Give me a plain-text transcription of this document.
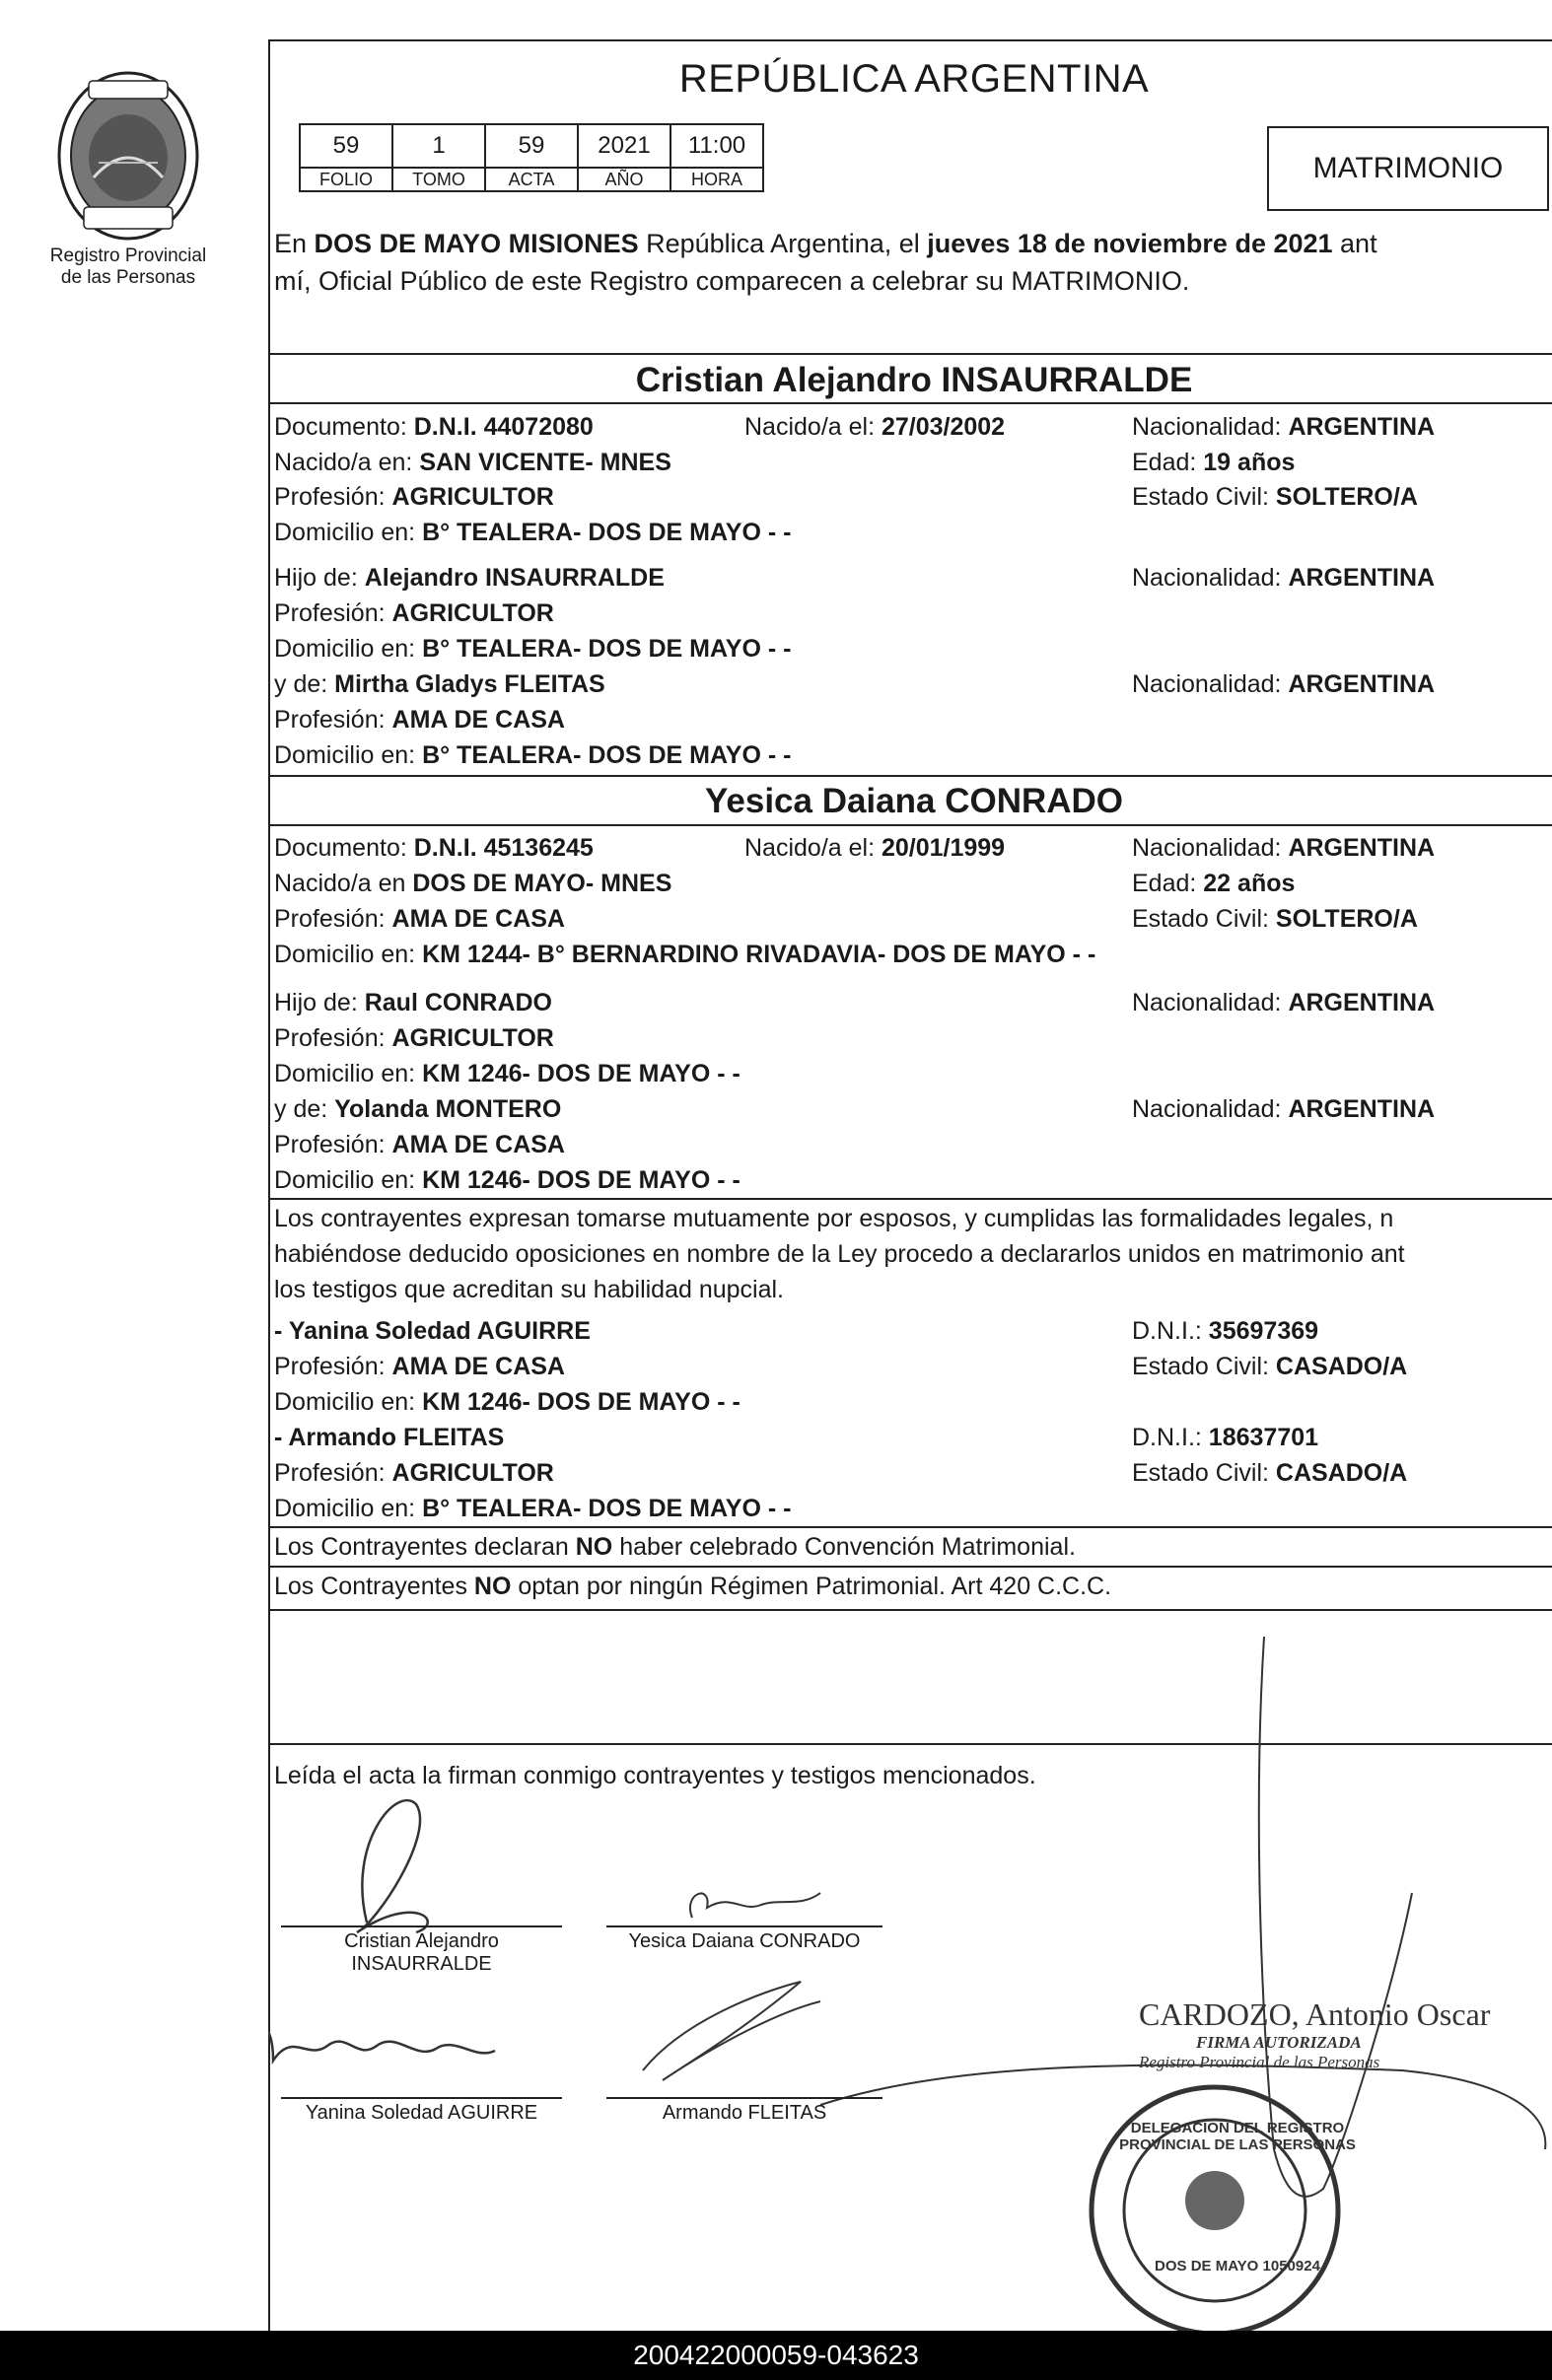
Registro Provincial
de las Personas
REPÚBLICA ARGENTINA
59	1	59	2021	11:00
FOLIO	TOMO	ACTA	AÑO	HORA	MATRIMONIO
En DOS DE MAYO MISIONES República Argentina, el jueves 18 de noviembre de 2021 ant
mí, Oficial Público de este Registro comparecen a celebrar su MATRIMONIO.
Cristian Alejandro INSAURRALDE
Documento: D.N.I. 44072080	Nacido/a el: 27/03/2002	Nacionalidad: ARGENTINA
Nacido/a en: SAN VICENTE- MNES	Edad: 19 años
Profesión: AGRICULTOR	Estado Civil: SOLTERO/A
Domicilio en: B° TEALERA- DOS DE MAYO - -
Hijo de: Alejandro INSAURRALDE	Nacionalidad: ARGENTINA
Profesión: AGRICULTOR
Domicilio en: B° TEALERA- DOS DE MAYO - -
y de: Mirtha Gladys FLEITAS	Nacionalidad: ARGENTINA
Profesión: AMA DE CASA
Domicilio en: B° TEALERA- DOS DE MAYO - -
Yesica Daiana CONRADO
Documento: D.N.I. 45136245	Nacido/a el: 20/01/1999	Nacionalidad: ARGENTINA
Nacido/a en DOS DE MAYO- MNES	Edad: 22 años
Profesión: AMA DE CASA	Estado Civil: SOLTERO/A
Domicilio en: KM 1244- B° BERNARDINO RIVADAVIA- DOS DE MAYO - -
Hijo de: Raul CONRADO	Nacionalidad: ARGENTINA
Profesión: AGRICULTOR
Domicilio en: KM 1246- DOS DE MAYO - -
y de: Yolanda MONTERO	Nacionalidad: ARGENTINA
Profesión: AMA DE CASA
Domicilio en: KM 1246- DOS DE MAYO - -
Los contrayentes expresan tomarse mutuamente por esposos, y cumplidas las formalidades legales, n
habiéndose deducido oposiciones en nombre de la Ley procedo a declararlos unidos en matrimonio ant
los testigos que acreditan su habilidad nupcial.
- Yanina Soledad AGUIRRE	D.N.I.: 35697369
Profesión: AMA DE CASA	Estado Civil: CASADO/A
Domicilio en: KM 1246- DOS DE MAYO - -
- Armando FLEITAS	D.N.I.: 18637701
Profesión: AGRICULTOR	Estado Civil: CASADO/A
Domicilio en: B° TEALERA- DOS DE MAYO - -
Los Contrayentes declaran NO haber celebrado Convención Matrimonial.
Los Contrayentes NO optan por ningún Régimen Patrimonial. Art 420 C.C.C.
Leída el acta la firman conmigo contrayentes y testigos mencionados.
Cristian Alejandro
INSAURRALDE
Yesica Daiana CONRADO
Yanina Soledad AGUIRRE	Armando FLEITAS
CARDOZO, Antonio Oscar
FIRMA AUTORIZADA
Registro Provincial de las Personas
DELEGACION DEL REGISTRO PROVINCIAL DE LAS PERSONAS
DOS DE MAYO 1050924
200422000059-043623
